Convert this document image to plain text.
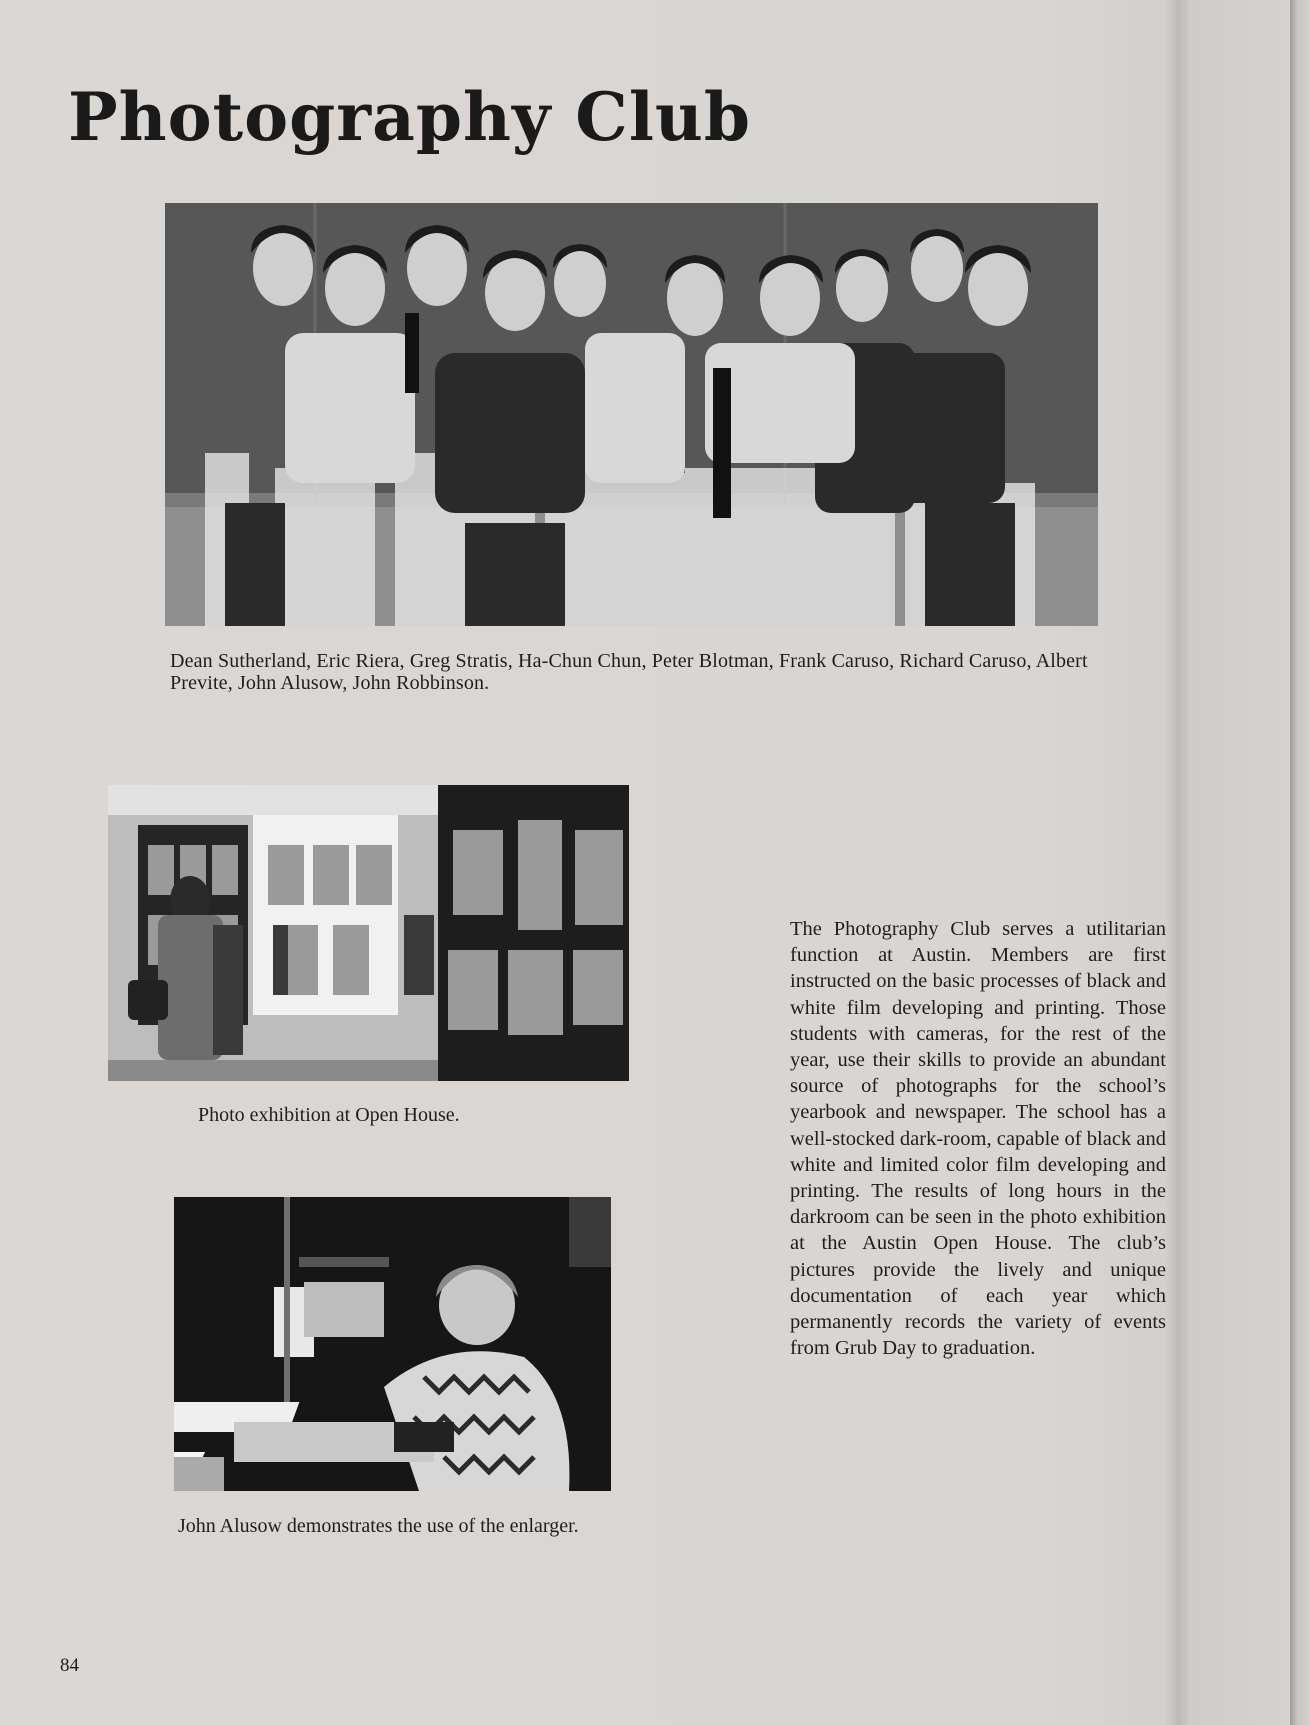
Photography Club
Dean Sutherland, Eric Riera, Greg Stratis, Ha-Chun Chun, Peter Blotman, Frank Caruso, Richard Caruso, Albert Previte, John Alusow, John Robbinson.
Photo exhibition at Open House.
John Alusow demonstrates the use of the enlarger.

The Photography Club serves a utilitarian function at Austin. Members are first instructed on the basic processes of black and white film developing and printing. Those students with cameras, for the rest of the year, use their skills to provide an abundant source of photographs for the school’s yearbook and newspaper. The school has a well-stocked dark-room, capable of black and white and limited color film developing and printing. The results of long hours in the darkroom can be seen in the photo exhibition at the Austin Open House. The club’s pictures provide the lively and unique documentation of each year which permanently records the variety of events from Grub Day to graduation.

84
